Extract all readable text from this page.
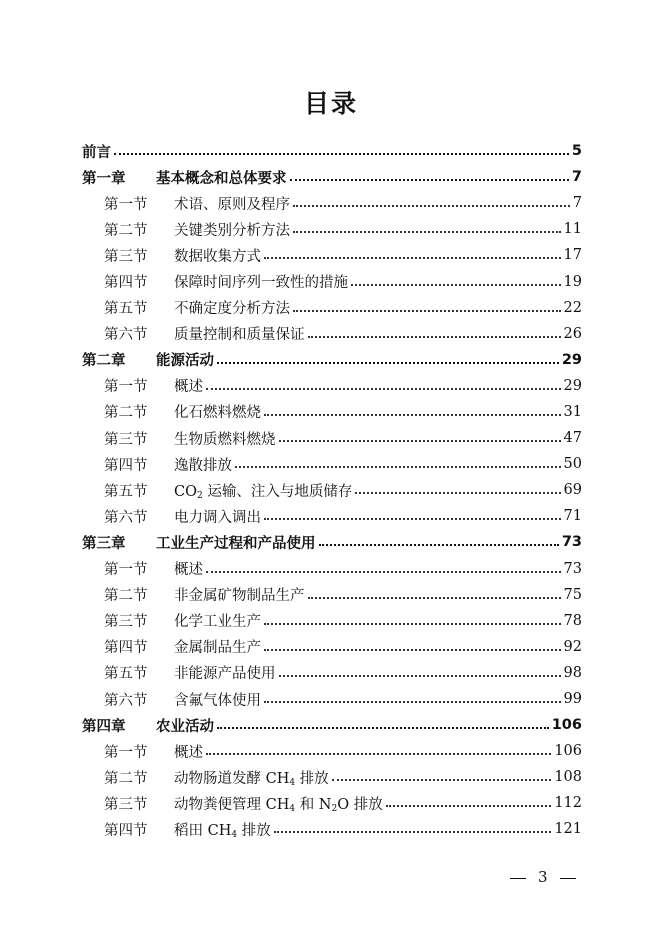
目录
前言	5
第一章	基本概念和总体要求	7
第一节	术语、原则及程序	7
第二节	关键类别分析方法	11
第三节	数据收集方式	17
第四节	保障时间序列一致性的措施	19
第五节	不确定度分析方法	22
第六节	质量控制和质量保证	26
第二章	能源活动	29
第一节	概述	29
第二节	化石燃料燃烧	31
第三节	生物质燃料燃烧	47
第四节	逸散排放	50
第五节	$CO_2$ 运输、注入与地质储存	69
第六节	电力调入调出	71
第三章	工业生产过程和产品使用	73
第一节	概述	73
第二节	非金属矿物制品生产	75
第三节	化学工业生产	78
第四节	金属制品生产	92
第五节	非能源产品使用	98
第六节	含氟气体使用	99
第四章	农业活动	106
第一节	概述	106
第二节	动物肠道发酵 $CH_4$ 排放	108
第三节	动物粪便管理 $CH_4$ 和 $N_2O$ 排放	112
第四节	稻田 $CH_4$ 排放	121
3
